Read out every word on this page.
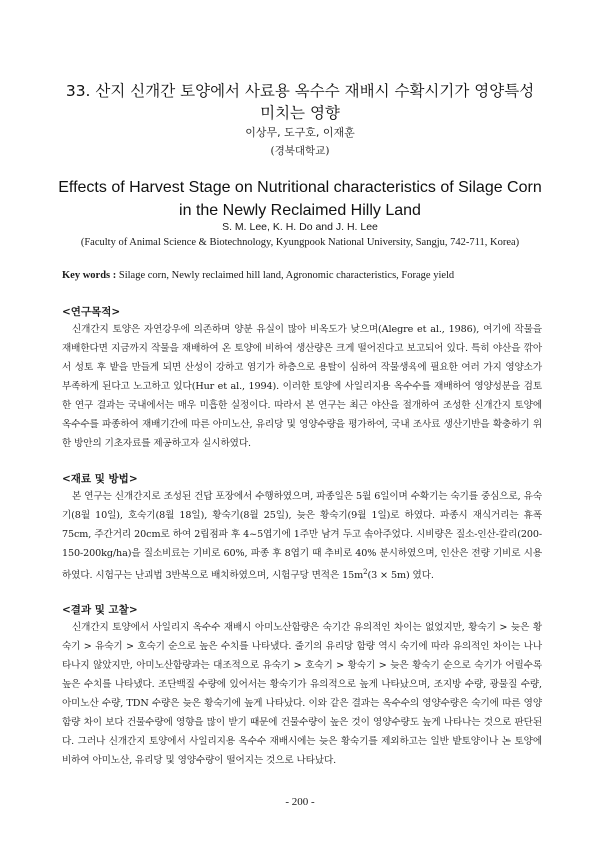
33. 산지 신개간 토양에서 사료용 옥수수 재배시 수확시기가 영양특성
미치는 영향
이상무, 도구호, 이재훈
(경북대학교)
Effects of Harvest Stage on Nutritional characteristics of Silage Corn
in the Newly Reclaimed Hilly Land
S. M. Lee, K. H. Do and J. H. Lee
(Faculty of Animal Science & Biotechnology, Kyungpook National University, Sangju, 742-711, Korea)
Key words : Silage corn, Newly reclaimed hill land, Agronomic characteristics, Forage yield
<연구목적>
신개간지 토양은 자연강우에 의존하며 양분 유실이 많아 비옥도가 낮으며(Alegre et al., 1986), 여기에 작물을 재배한다면 지금까지 작물을 재배하여 온 토양에 비하여 생산량은 크게 떨어진다고 보고되어 있다. 특히 야산을 깎아서 성토 후 밭을 만들게 되면 산성이 강하고 염기가 하층으로 용탈이 심하여 작물생육에 필요한 여러 가지 영양소가 부족하게 된다고 노고하고 있다(Hur et al., 1994). 이러한 토양에 사일리지용 옥수수를 재배하여 영양성분을 검토한 연구 결과는 국내에서는 매우 미흡한 실정이다. 따라서 본 연구는 최근 야산을 절개하여 조성한 신개간지 토양에 옥수수를 파종하여 재배기간에 따른 아미노산, 유리당 및 영양수량을 평가하여, 국내 조사료 생산기반을 확충하기 위한 방안의 기초자료를 제공하고자 실시하였다.
<재료 및 방법>
본 연구는 신개간지로 조성된 건답 포장에서 수행하였으며, 파종일은 5월 6일이며 수확기는 숙기를 중심으로, 유숙기(8월 10일), 호숙기(8월 18일), 황숙기(8월 25일), 늦은 황숙기(9월 1일)로 하였다. 파종시 재식거리는 휴폭 75cm, 주간거리 20cm로 하여 2립점파 후 4~5엽기에 1주만 남겨 두고 솎아주었다. 시비량은 질소-인산-칼리(200-150-200kg/ha)을 질소비료는 기비로 60%, 파종 후 8엽기 때 추비로 40% 분시하였으며, 인산은 전량 기비로 시용하였다. 시험구는 난괴법 3반복으로 배치하였으며, 시험구당 면적은 $15m^2(3 \times 5m)$ 였다.
<결과 및 고찰>
신개간지 토양에서 사일리지 옥수수 재배시 아미노산함량은 숙기간 유의적인 차이는 없었지만, 황숙기 > 늦은 황숙기 > 유숙기 > 호숙기 순으로 높은 수치를 나타냈다. 줄기의 유리당 함량 역시 숙기에 따라 유의적인 차이는 나나타나지 않았지만, 아미노산함량과는 대조적으로 유숙기 > 호숙기 > 황숙기 > 늦은 황숙기 순으로 숙기가 어릴수록 높은 수치를 나타냈다. 조단백질 수량에 있어서는 황숙기가 유의적으로 높게 나타났으며, 조지방 수량, 광물질 수량, 아미노산 수량, TDN 수량은 늦은 황숙기에 높게 나타났다. 이와 같은 결과는 옥수수의 영양수량은 숙기에 따른 영양함량 차이 보다 건물수량에 영향을 많이 받기 때문에 건물수량이 높은 것이 영양수량도 높게 나타나는 것으로 판단된다. 그러나 신개간지 토양에서 사일리지용 옥수수 재배시에는 늦은 황숙기를 제외하고는 일반 밭토양이나 논 토양에 비하여 아미노산, 유리당 및 영양수량이 떨어지는 것으로 나타났다.
- 200 -
